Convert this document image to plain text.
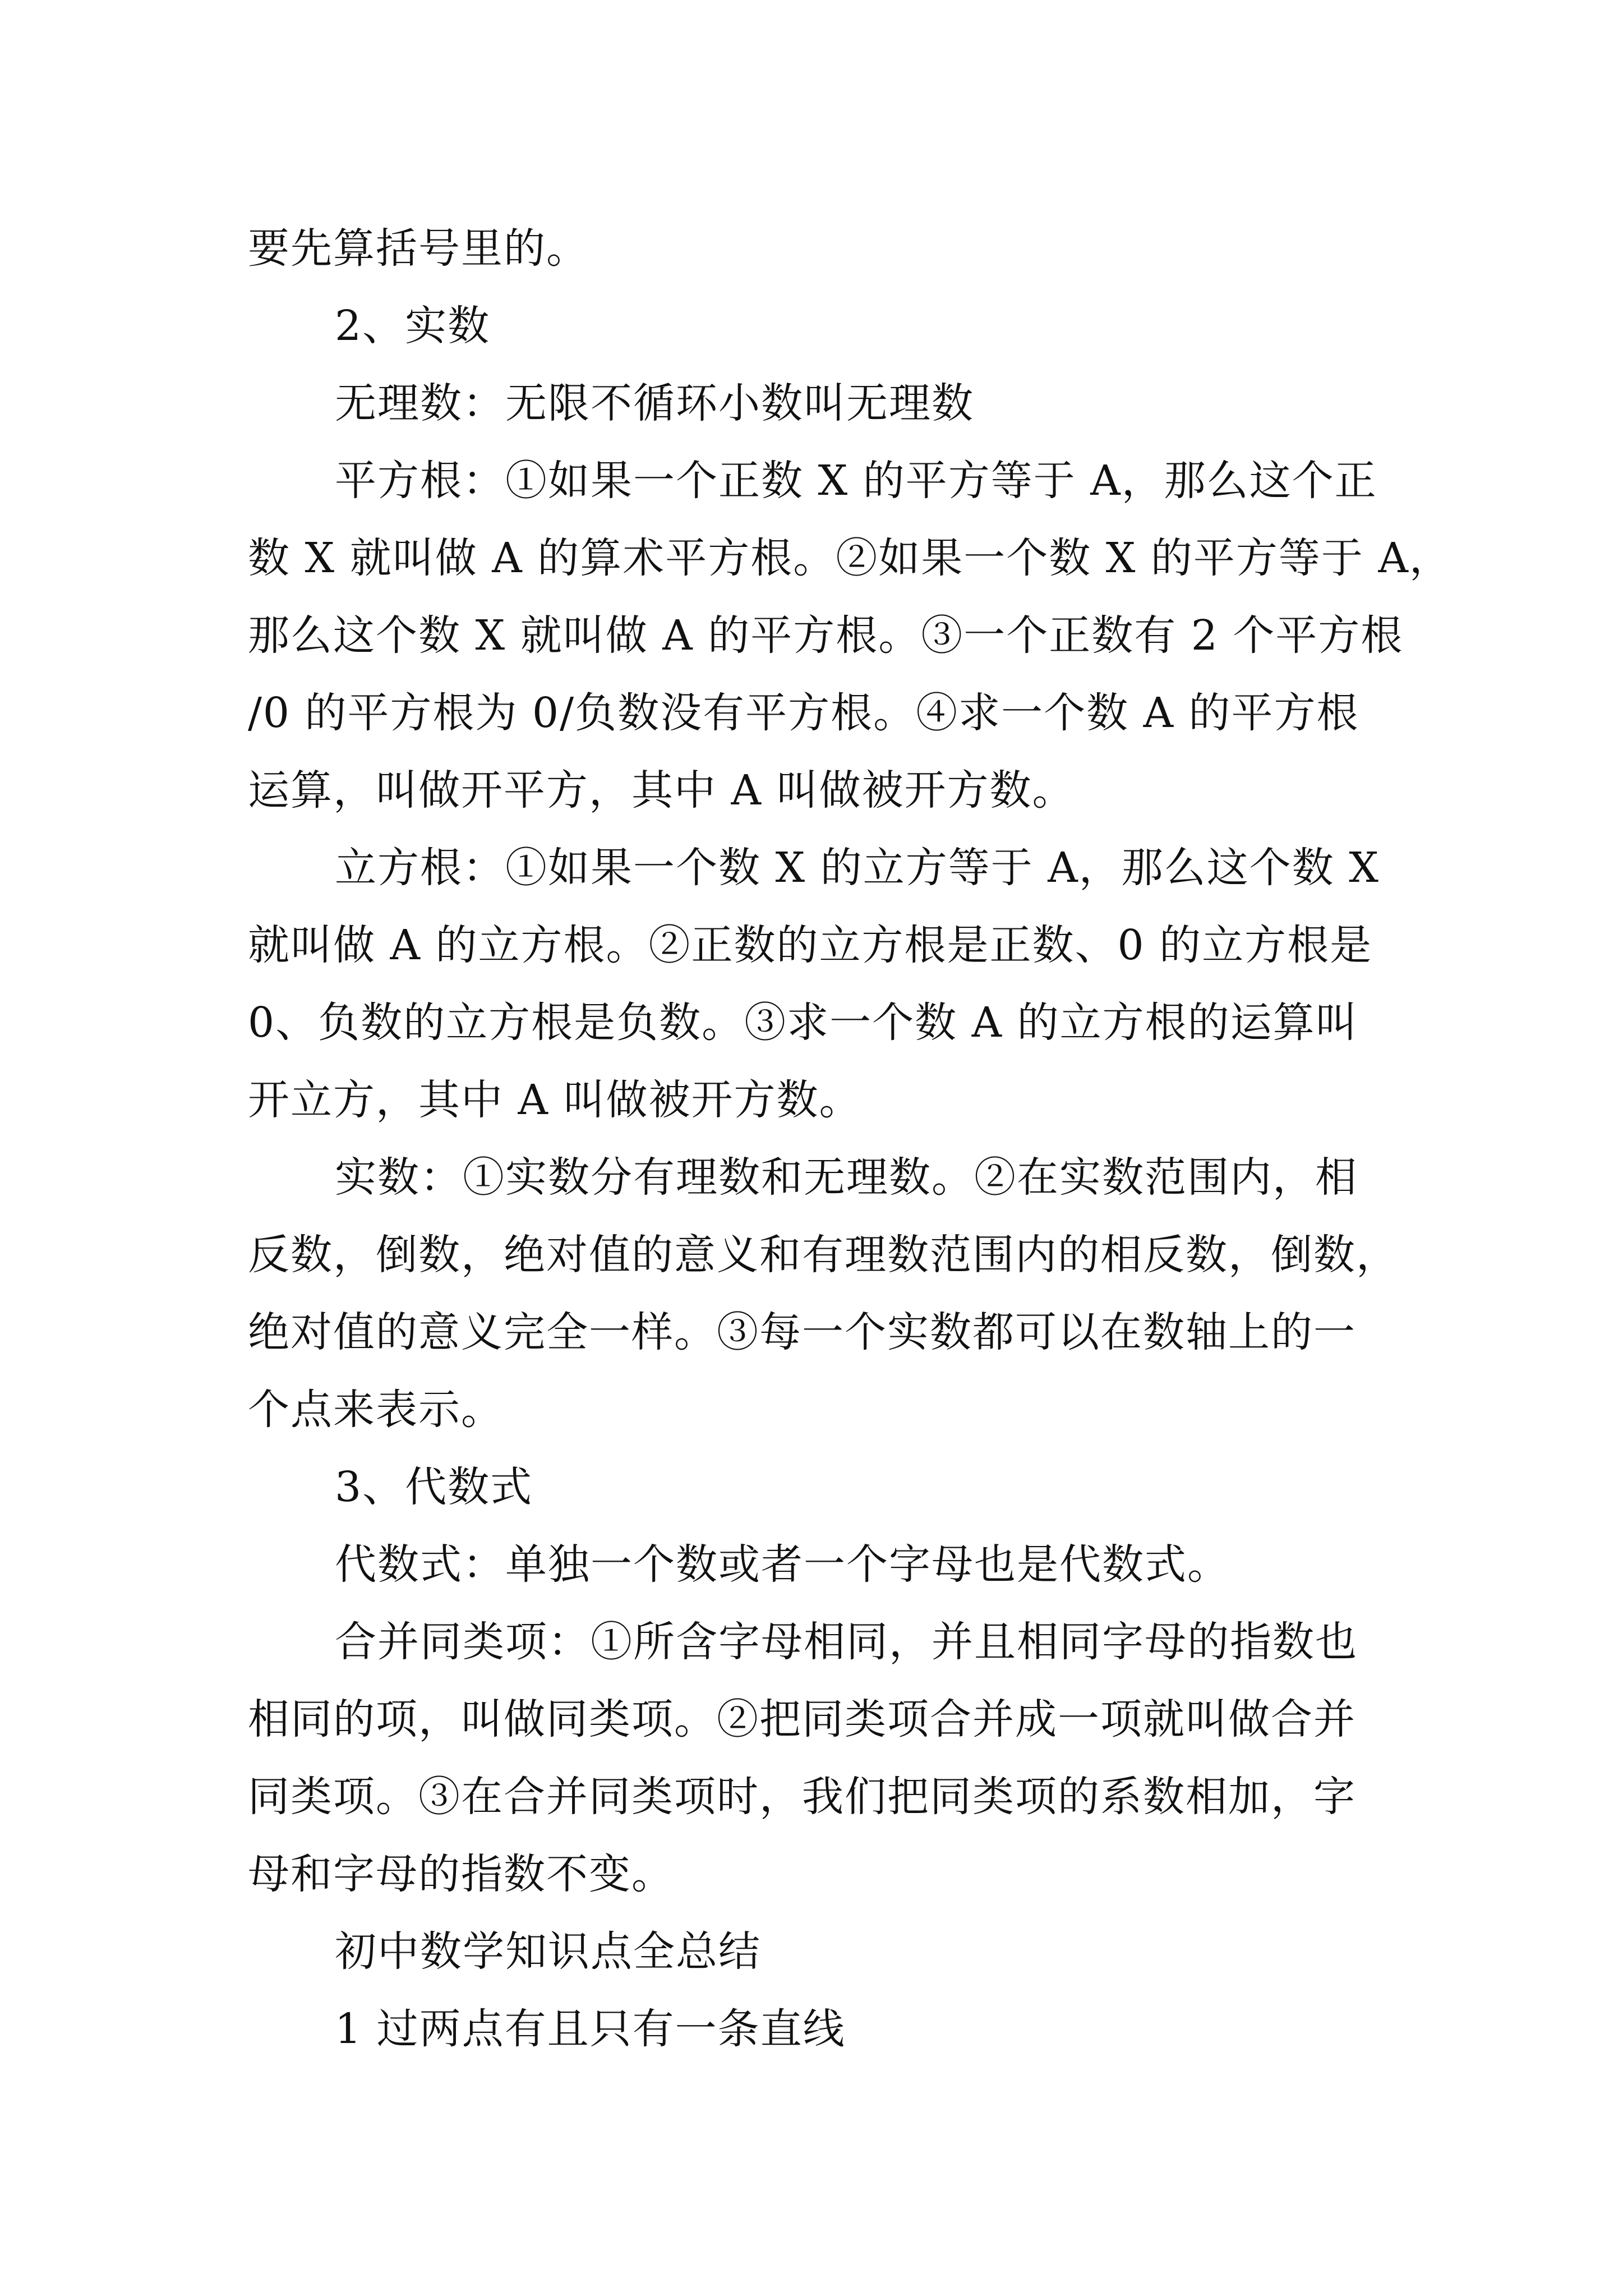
要先算括号里的。

2、实数

无理数：无限不循环小数叫无理数

平方根：①如果一个正数 X 的平方等于 A，那么这个正

数 X 就叫做 A 的算术平方根。②如果一个数 X 的平方等于 A，

那么这个数 X 就叫做 A 的平方根。③一个正数有 2 个平方根

/0 的平方根为 0/负数没有平方根。④求一个数 A 的平方根

运算，叫做开平方，其中 A 叫做被开方数。

立方根：①如果一个数 X 的立方等于 A，那么这个数 X

就叫做 A 的立方根。②正数的立方根是正数、0 的立方根是

0、负数的立方根是负数。③求一个数 A 的立方根的运算叫

开立方，其中 A 叫做被开方数。

实数：①实数分有理数和无理数。②在实数范围内，相

反数，倒数，绝对值的意义和有理数范围内的相反数，倒数，

绝对值的意义完全一样。③每一个实数都可以在数轴上的一

个点来表示。

3、代数式

代数式：单独一个数或者一个字母也是代数式。

合并同类项：①所含字母相同，并且相同字母的指数也

相同的项，叫做同类项。②把同类项合并成一项就叫做合并

同类项。③在合并同类项时，我们把同类项的系数相加，字

母和字母的指数不变。

初中数学知识点全总结

1 过两点有且只有一条直线
